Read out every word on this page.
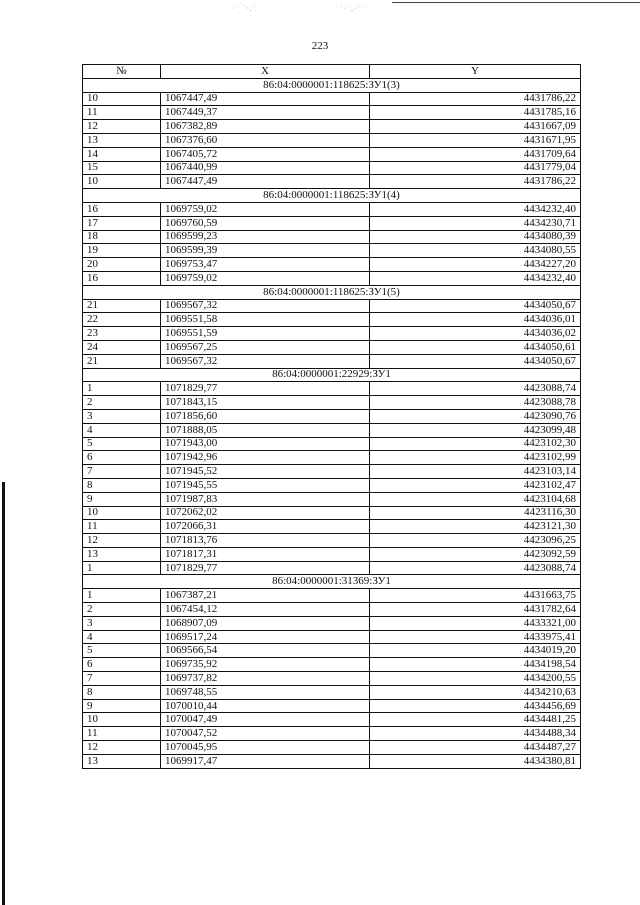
·˙ ˙·.˙	˙·˙.·˙˙
223
№	X	Y
86:04:0000001:118625:ЗУ1(3)		
10	1067447,49	4431786,22
11	1067449,37	4431785,16
12	1067382,89	4431667,09
13	1067376,60	4431671,95
14	1067405,72	4431709,64
15	1067440,99	4431779,04
10	1067447,49	4431786,22
86:04:0000001:118625:ЗУ1(4)		
16	1069759,02	4434232,40
17	1069760,59	4434230,71
18	1069599,23	4434080,39
19	1069599,39	4434080,55
20	1069753,47	4434227,20
16	1069759,02	4434232,40
86:04:0000001:118625:ЗУ1(5)		
21	1069567,32	4434050,67
22	1069551,58	4434036,01
23	1069551,59	4434036,02
24	1069567,25	4434050,61
21	1069567,32	4434050,67
86:04:0000001:22929:ЗУ1		
1	1071829,77	4423088,74
2	1071843,15	4423088,78
3	1071856,60	4423090,76
4	1071888,05	4423099,48
5	1071943,00	4423102,30
6	1071942,96	4423102,99
7	1071945,52	4423103,14
8	1071945,55	4423102,47
9	1071987,83	4423104,68
10	1072062,02	4423116,30
11	1072066,31	4423121,30
12	1071813,76	4423096,25
13	1071817,31	4423092,59
1	1071829,77	4423088,74
86:04:0000001:31369:ЗУ1		
1	1067387,21	4431663,75
2	1067454,12	4431782,64
3	1068907,09	4433321,00
4	1069517,24	4433975,41
5	1069566,54	4434019,20
6	1069735,92	4434198,54
7	1069737,82	4434200,55
8	1069748,55	4434210,63
9	1070010,44	4434456,69
10	1070047,49	4434481,25
11	1070047,52	4434488,34
12	1070045,95	4434487,27
13	1069917,47	4434380,81
